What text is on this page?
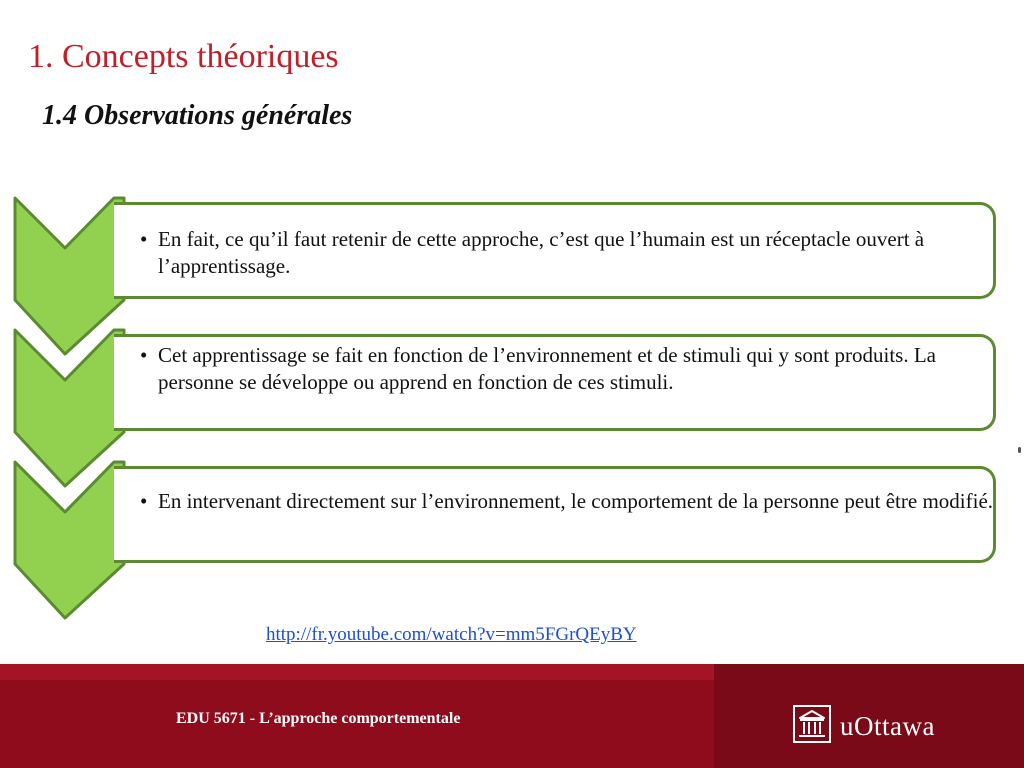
1. Concepts théoriques
1.4 Observations générales
• En fait, ce qu’il faut retenir de cette approche, c’est que l’humain est un réceptacle ouvert à l’apprentissage.
• Cet apprentissage se fait en fonction de l’environnement et de stimuli qui y sont produits. La personne se développe ou apprend en fonction de ces stimuli.
• En intervenant directement sur l’environnement, le comportement de la personne peut être modifié.
http://fr.youtube.com/watch?v=mm5FGrQEyBY
EDU 5671 - L’approche comportementale	uOttawa
